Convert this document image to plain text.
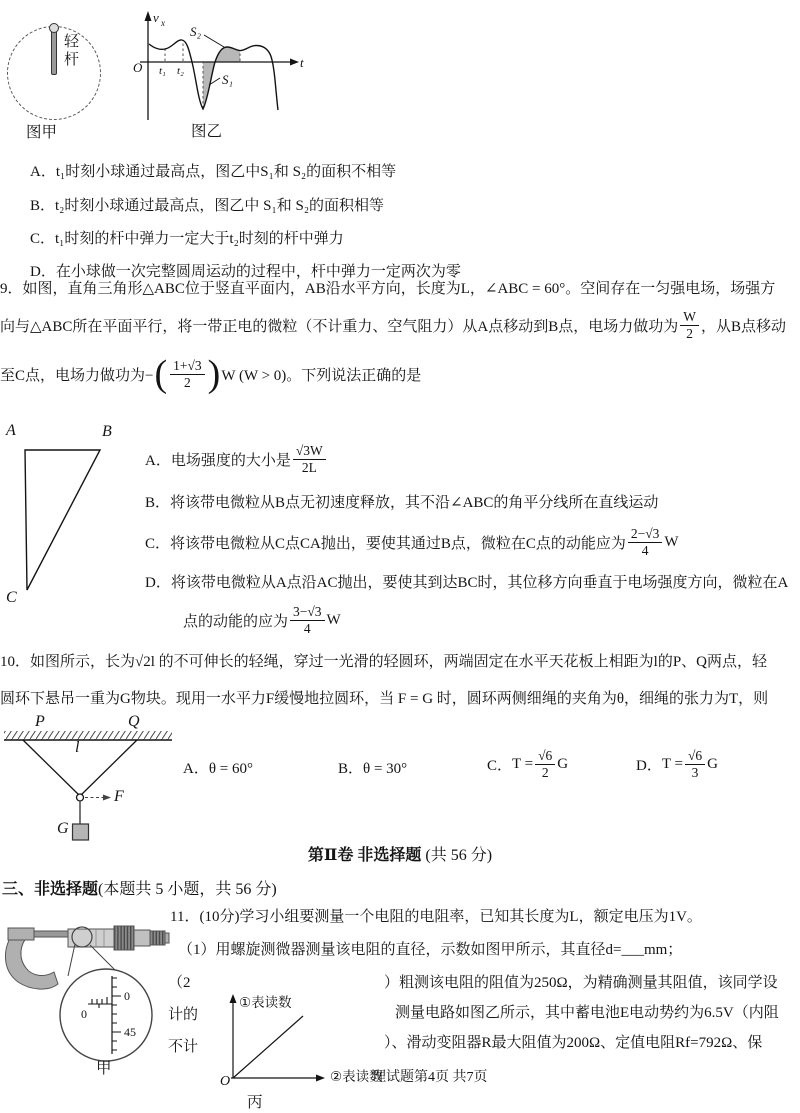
轻杆
图甲
v x
O	t
t₁ t₂
S₂
S₁
图乙
A．t₁时刻小球通过最高点，图乙中S₁和 S₂的面积不相等
B．t₂时刻小球通过最高点，图乙中 S₁和 S₂的面积相等
C．t₁时刻的杆中弹力一定大于t₂时刻的杆中弹力
D．在小球做一次完整圆周运动的过程中，杆中弹力一定两次为零
9．如图，直角三角形△ABC位于竖直平面内，AB沿水平方向，长度为L，∠ABC = 60°。空间存在一匀强电场，场强方
向与△ABC所在平面平行，将一带正电的微粒（不计重力、空气阻力）从A点移动到B点，电场力做功为 $\frac{W}{2}$ ，从B点移动
至C点，电场力做功为− ( $\frac{1+√3}{2}$ ) W (W > 0)。下列说法正确的是
A	B
C
A． 电场强度的大小是 $\frac{√3W}{2L}$
B．将该带电微粒从B点无初速度释放，其不沿∠ABC的角平分线所在直线运动
C． 将该带电微粒从C点CA抛出，要使其通过B点，微粒在C点的动能应为 $\frac{2-√3}{4}$ W
D．将该带电微粒从A点沿AC抛出，要使其到达BC时，其位移方向垂直于电场强度方向，微粒在A
点的动能的应为 $\frac{3-√3}{4}$ W
10．如图所示，长为√2l 的不可伸长的轻绳，穿过一光滑的轻圆环，两端固定在水平天花板上相距为l的P、Q两点，轻
圆环下悬吊一重为G物块。现用一水平力F缓慢地拉圆环，当 F = G 时，圆环两侧细绳的夹角为θ，细绳的张力为T，则
P	Q
l
F
G
A．θ = 60°	B．θ = 30°	C． $T = \frac{√6}{2}$ G	D． $T = \frac{√6}{3}$ G
第Ⅱ卷 非选择题 (共 56 分)
三、非选择题(本题共 5 小题，共 56 分)
11．(10分)学习小组要测量一个电阻的电阻率，已知其长度为L，额定电压为1V。
（1）用螺旋测微器测量该电阻的直径，示数如图甲所示，其直径d=___mm；
（2
计的
不计
）粗测该电阻的阻值为250Ω，为精确测量其阻值，该同学设
测量电路如图乙所示，其中蓄电池E电动势约为6.5V（内阻
）、滑动变阻器R最大阻值为200Ω、定值电阻Rf=792Ω、保
0
45
0
甲
O
①表读数
②表读数
丙
理试题第4页 共7页
